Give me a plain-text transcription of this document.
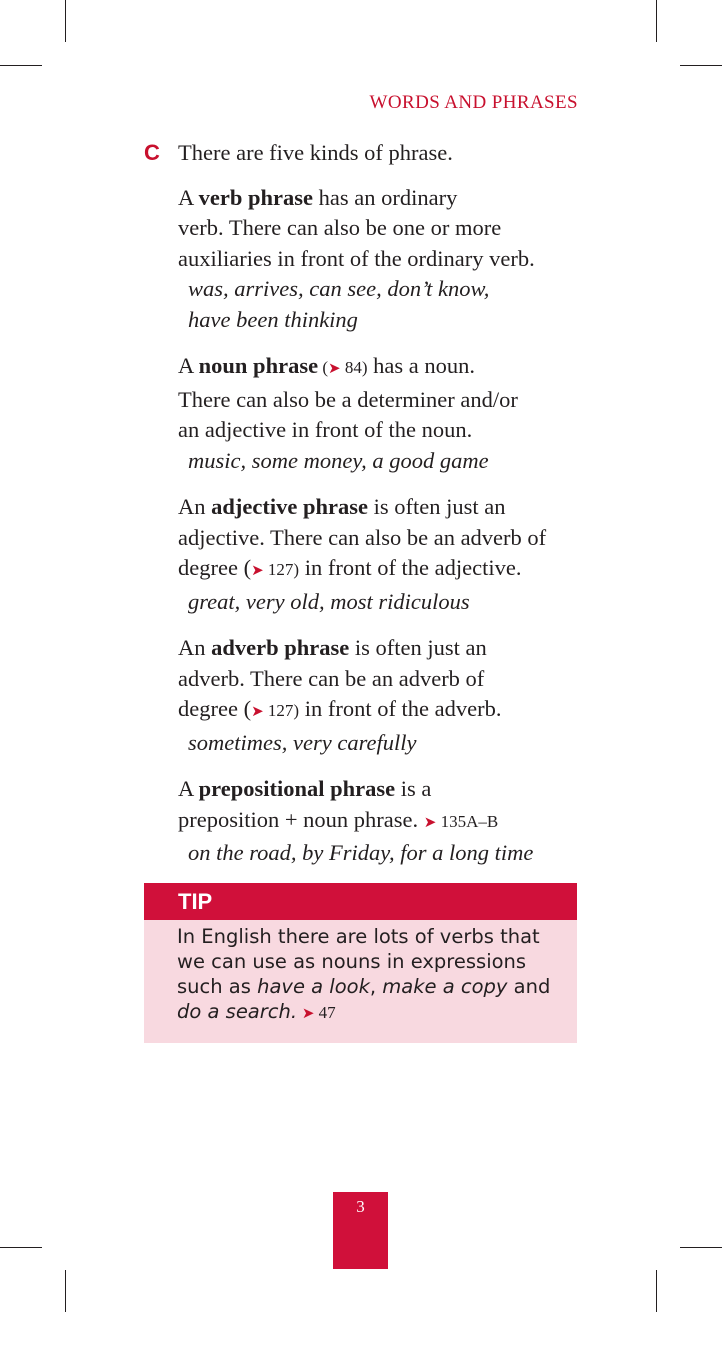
WORDS AND PHRASES
C There are five kinds of phrase.
A verb phrase has an ordinary
verb. There can also be one or more
auxiliaries in front of the ordinary verb.
was, arrives, can see, don’t know,
have been thinking
A noun phrase (➤ 84) has a noun.
There can also be a determiner and/or
an adjective in front of the noun.
music, some money, a good game
An adjective phrase is often just an
adjective. There can also be an adverb of
degree (➤ 127) in front of the adjective.
great, very old, most ridiculous
An adverb phrase is often just an
adverb. There can be an adverb of
degree (➤ 127) in front of the adverb.
sometimes, very carefully
A prepositional phrase is a
preposition + noun phrase. ➤ 135A–B
on the road, by Friday, for a long time
TIP
In English there are lots of verbs that
we can use as nouns in expressions
such as have a look, make a copy and
do a search. ➤ 47
3
